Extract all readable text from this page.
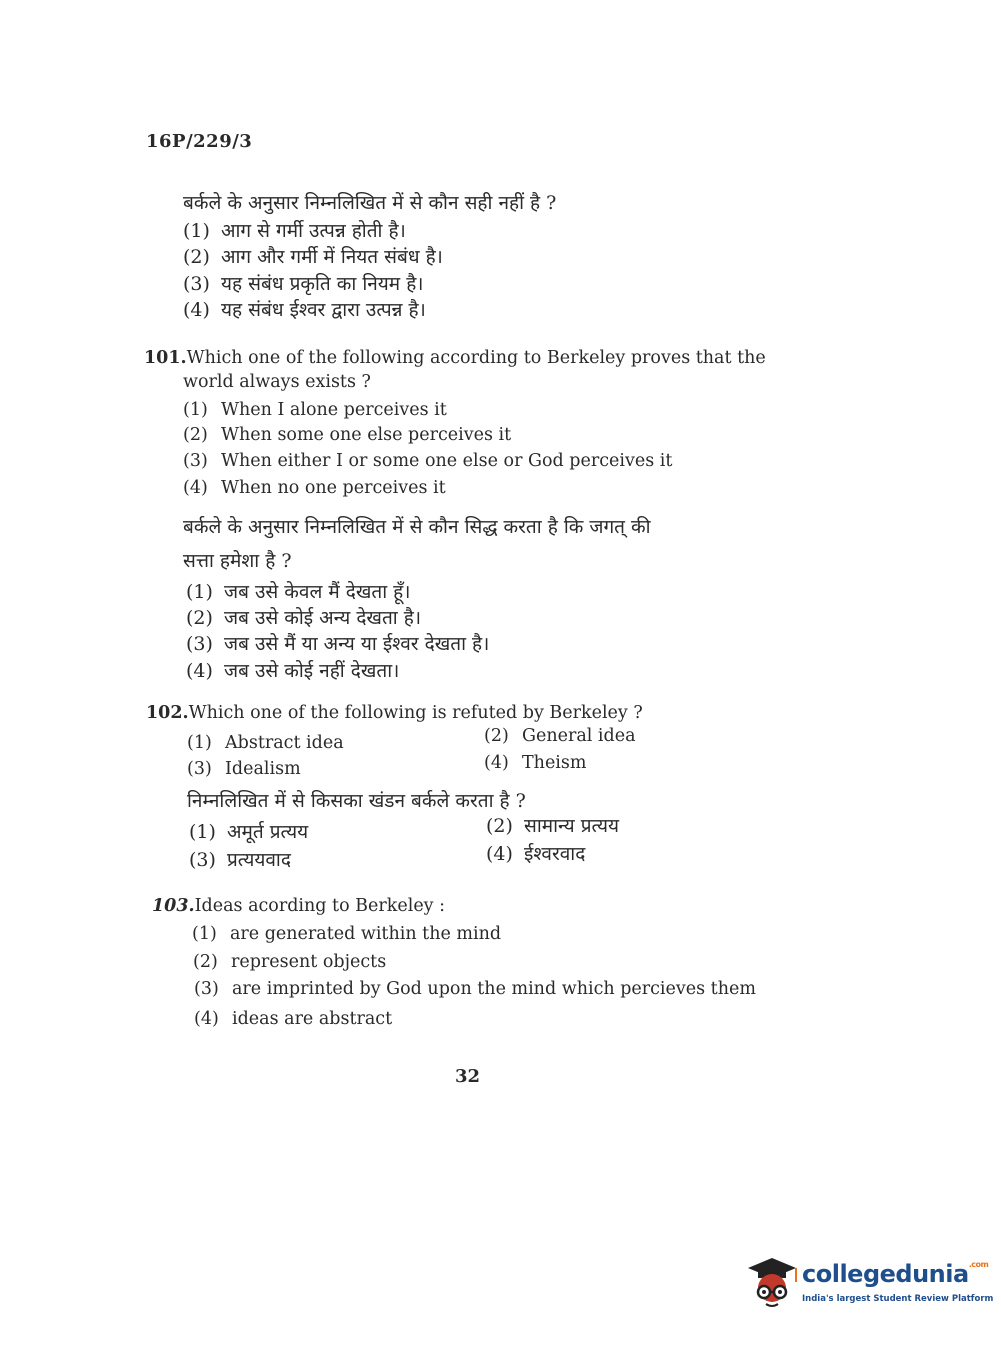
16P/229/3
बर्कले के अनुसार निम्नलिखित में से कौन सही नहीं है ?
(1) आग से गर्मी उत्पन्न होती है।
(2) आग और गर्मी में नियत संबंध है।
(3) यह संबंध प्रकृति का नियम है।
(4) यह संबंध ईश्वर द्वारा उत्पन्न है।
101.Which one of the following according to Berkeley proves that the
world always exists ?
(1) When I alone perceives it
(2) When some one else perceives it
(3) When either I or some one else or God perceives it
(4) When no one perceives it
बर्कले के अनुसार निम्नलिखित में से कौन सिद्ध करता है कि जगत् की
सत्ता हमेशा है ?
(1) जब उसे केवल मैं देखता हूँ।
(2) जब उसे कोई अन्य देखता है।
(3) जब उसे मैं या अन्य या ईश्वर देखता है।
(4) जब उसे कोई नहीं देखता।
102.Which one of the following is refuted by Berkeley ?
(1) Abstract idea	(2) General idea
(3) Idealism	(4) Theism
निम्नलिखित में से किसका खंडन बर्कले करता है ?
(1) अमूर्त प्रत्यय	(2) सामान्य प्रत्यय
(3) प्रत्ययवाद	(4) ईश्वरवाद
103.Ideas acording to Berkeley :
(1) are generated within the mind
(2) represent objects
(3) are imprinted by God upon the mind which percieves them
(4) ideas are abstract
32
collegedunia$^{.com}$
India's largest Student Review Platform
